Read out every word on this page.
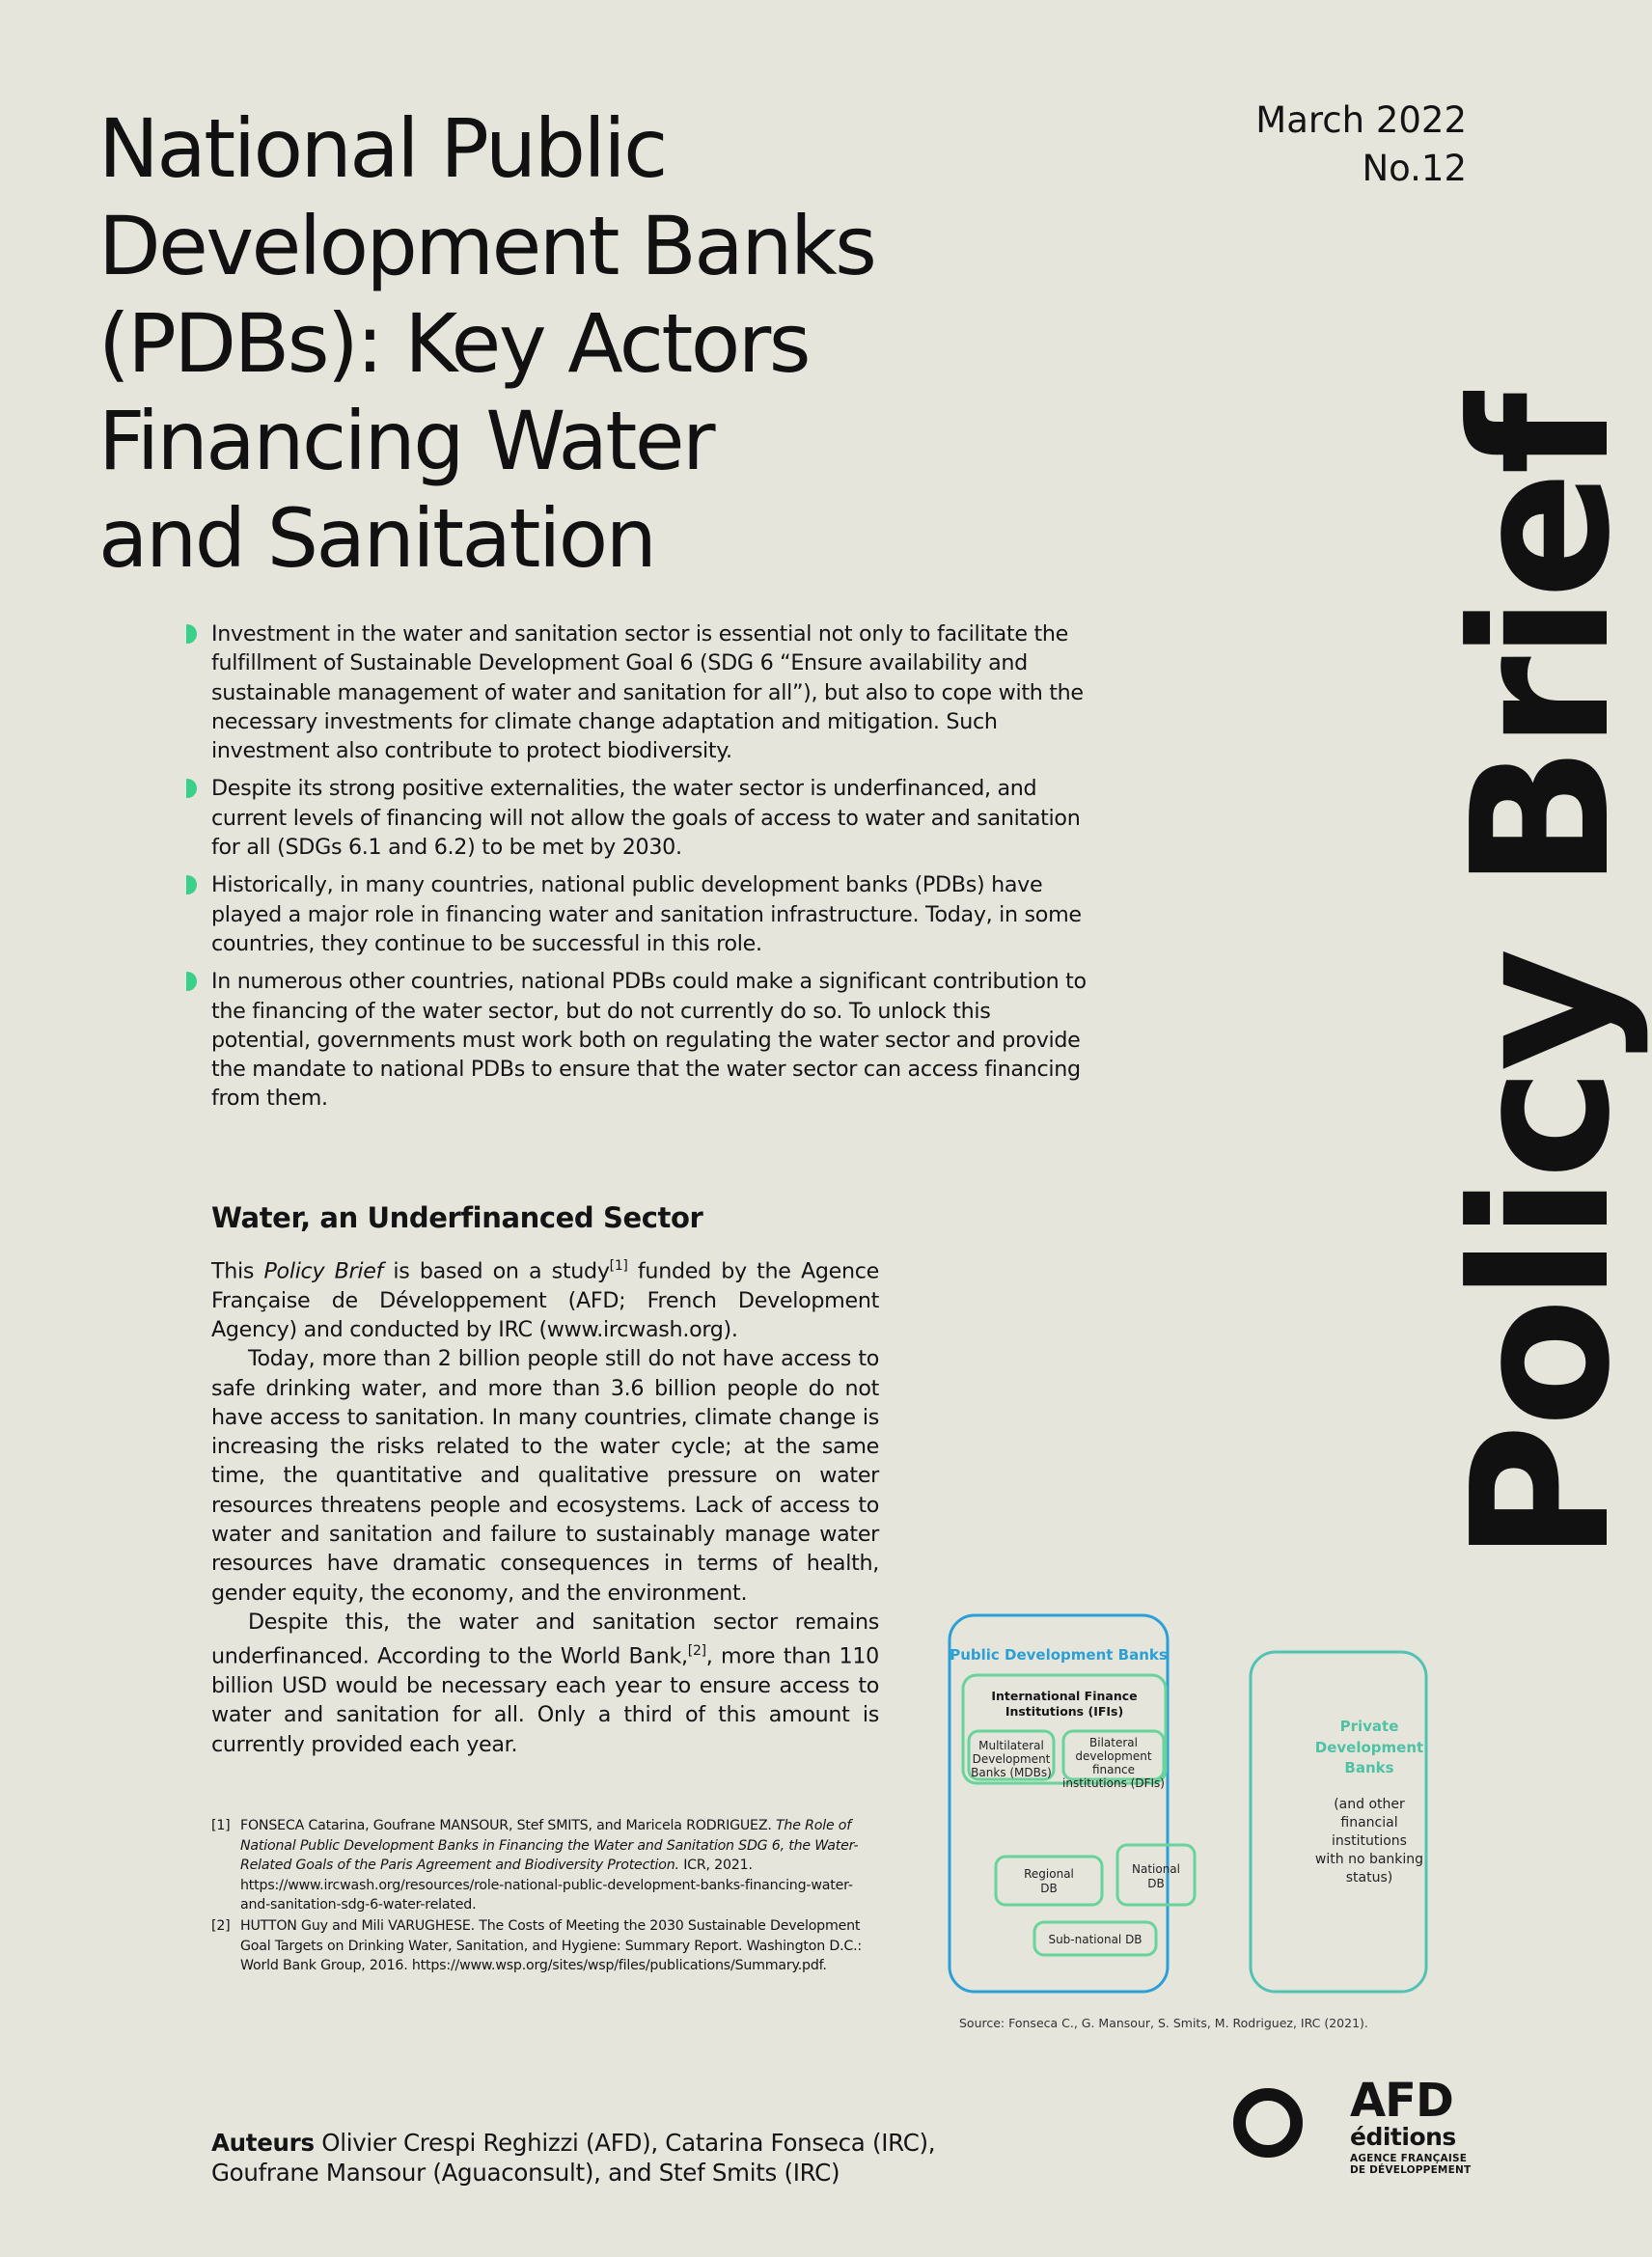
National Public
Development Banks
(PDBs): Key Actors
Financing Water
and Sanitation
March 2022
No.12
Policy Brief
Investment in the water and sanitation sector is essential not only to facilitate the fulfillment of Sustainable Development Goal 6 (SDG 6 “Ensure availability and sustainable management of water and sanitation for all”), but also to cope with the necessary investments for climate change adaptation and mitigation. Such investment also contribute to protect biodiversity.
Despite its strong positive externalities, the water sector is underfinanced, and current levels of financing will not allow the goals of access to water and sanitation for all (SDGs 6.1 and 6.2) to be met by 2030.
Historically, in many countries, national public development banks (PDBs) have played a major role in financing water and sanitation infrastructure. Today, in some countries, they continue to be successful in this role.
In numerous other countries, national PDBs could make a significant contribution to the financing of the water sector, but do not currently do so. To unlock this potential, governments must work both on regulating the water sector and provide the mandate to national PDBs to ensure that the water sector can access financing from them.
Water, an Underfinanced Sector

This Policy Brief is based on a study[1] funded by the Agence Française de Développement (AFD; French Development Agency) and conducted by IRC (www.ircwash.org).

Today, more than 2 billion people still do not have access to safe drinking water, and more than 3.6 billion people do not have access to sanitation. In many countries, climate change is increasing the risks related to the water cycle; at the same time, the quantitative and qualitative pressure on water resources threatens people and ecosystems. Lack of access to water and sanitation and failure to sustainably manage water resources have dramatic consequences in terms of health, gender equity, the economy, and the environment.

Despite this, the water and sanitation sector remains underfinanced. According to the World Bank,[2], more than 110 billion USD would be necessary each year to ensure access to water and sanitation for all. Only a third of this amount is currently provided each year.

[1] FONSECA Catarina, Goufrane MANSOUR, Stef SMITS, and Maricela RODRIGUEZ. The Role of National Public Development Banks in Financing the Water and Sanitation SDG 6, the Water-Related Goals of the Paris Agreement and Biodiversity Protection. ICR, 2021. https://www.ircwash.org/resources/role-national-public-development-banks-financing-water-and-sanitation-sdg-6-water-related.
[2] HUTTON Guy and Mili VARUGHESE. The Costs of Meeting the 2030 Sustainable Development Goal Targets on Drinking Water, Sanitation, and Hygiene: Summary Report. Washington D.C.: World Bank Group, 2016. https://www.wsp.org/sites/wsp/files/publications/Summary.pdf.
Auteurs Olivier Crespi Reghizzi (AFD), Catarina Fonseca (IRC), Goufrane Mansour (Aguaconsult), and Stef Smits (IRC)
Public Development Banks
International Finance
Institutions (IFIs)
Multilateral
Development
Banks (MDBs)
Bilateral
development
finance
institutions (DFIs)
Regional
DB
National
DB
Sub-national DB
Private
Development
Banks
(and other
financial
institutions
with no banking
status)
Source: Fonseca C., G. Mansour, S. Smits, M. Rodriguez, IRC (2021).
AFD
éditions
AGENCE FRANÇAISE
DE DÉVELOPPEMENT
